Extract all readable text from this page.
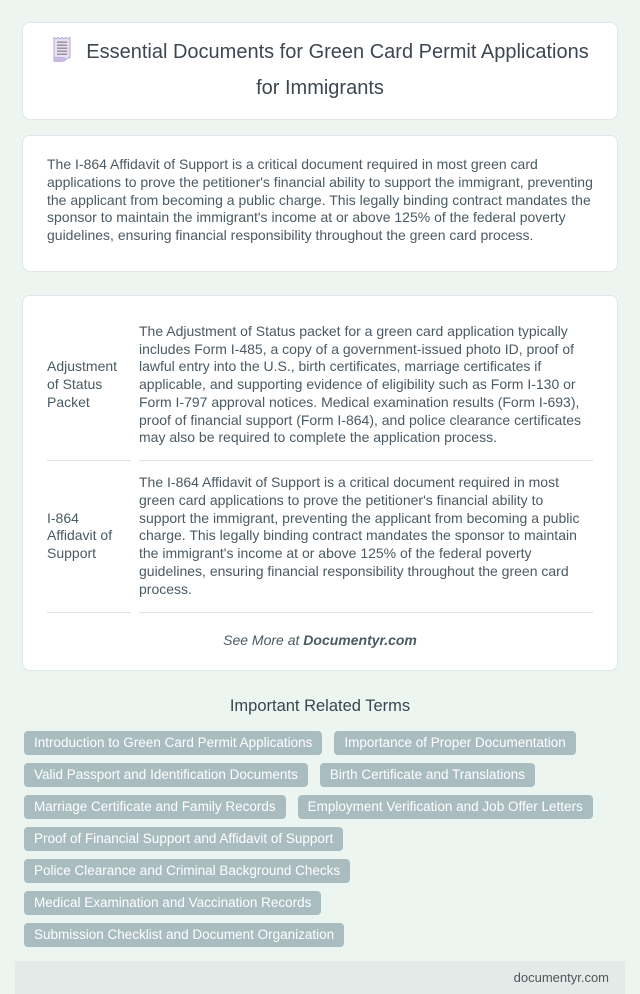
Essential Documents for Green Card Permit Applications for Immigrants

The I-864 Affidavit of Support is a critical document required in most green card applications to prove the petitioner's financial ability to support the immigrant, preventing the applicant from becoming a public charge. This legally binding contract mandates the sponsor to maintain the immigrant's income at or above 125% of the federal poverty guidelines, ensuring financial responsibility throughout the green card process.

Adjustment of Status Packet	The Adjustment of Status packet for a green card application typically includes Form I-485, a copy of a government-issued photo ID, proof of lawful entry into the U.S., birth certificates, marriage certificates if applicable, and supporting evidence of eligibility such as Form I-130 or Form I-797 approval notices. Medical examination results (Form I-693), proof of financial support (Form I-864), and police clearance certificates may also be required to complete the application process.
I-864 Affidavit of Support	The I-864 Affidavit of Support is a critical document required in most green card applications to prove the petitioner's financial ability to support the immigrant, preventing the applicant from becoming a public charge. This legally binding contract mandates the sponsor to maintain the immigrant's income at or above 125% of the federal poverty guidelines, ensuring financial responsibility throughout the green card process.
See More at Documentyr.com
Important Related Terms
Introduction to Green Card Permit Applications	Importance of Proper Documentation
Valid Passport and Identification Documents	Birth Certificate and Translations
Marriage Certificate and Family Records	Employment Verification and Job Offer Letters
Proof of Financial Support and Affidavit of Support
Police Clearance and Criminal Background Checks
Medical Examination and Vaccination Records
Submission Checklist and Document Organization
documentyr.com
